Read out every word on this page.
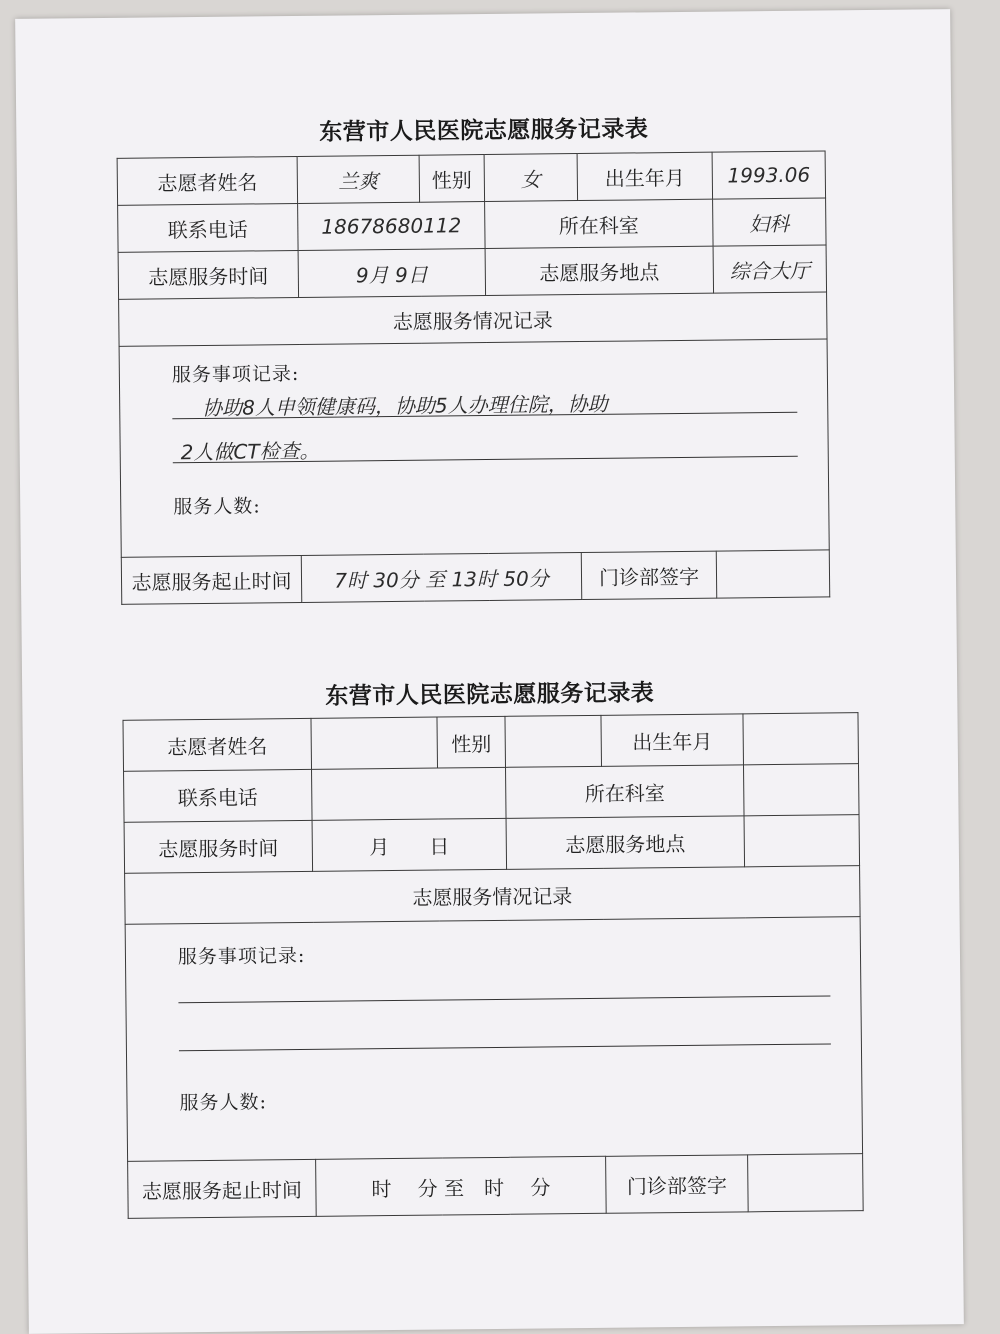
东营市人民医院志愿服务记录表
志愿者姓名	兰爽	性别	女	出生年月	1993.06
联系电话	18678680112		所在科室		妇科
志愿服务时间	9月 9日		志愿服务地点		综合大厅
志愿服务情况记录					

服务事项记录:
协助8人申领健康码，协助5人办理住院，协助
2人做CT检查。
服务人数:					

志愿服务起止时间	7时 30分 至 13时 50分			门诊部签字	
东营市人民医院志愿服务记录表
志愿者姓名		性别		出生年月	
联系电话			所在科室		
志愿服务时间	月　　日		志愿服务地点		
志愿服务情况记录					

服务事项记录:
服务人数:					

志愿服务起止时间	时　 分 至　时　 分			门诊部签字	
